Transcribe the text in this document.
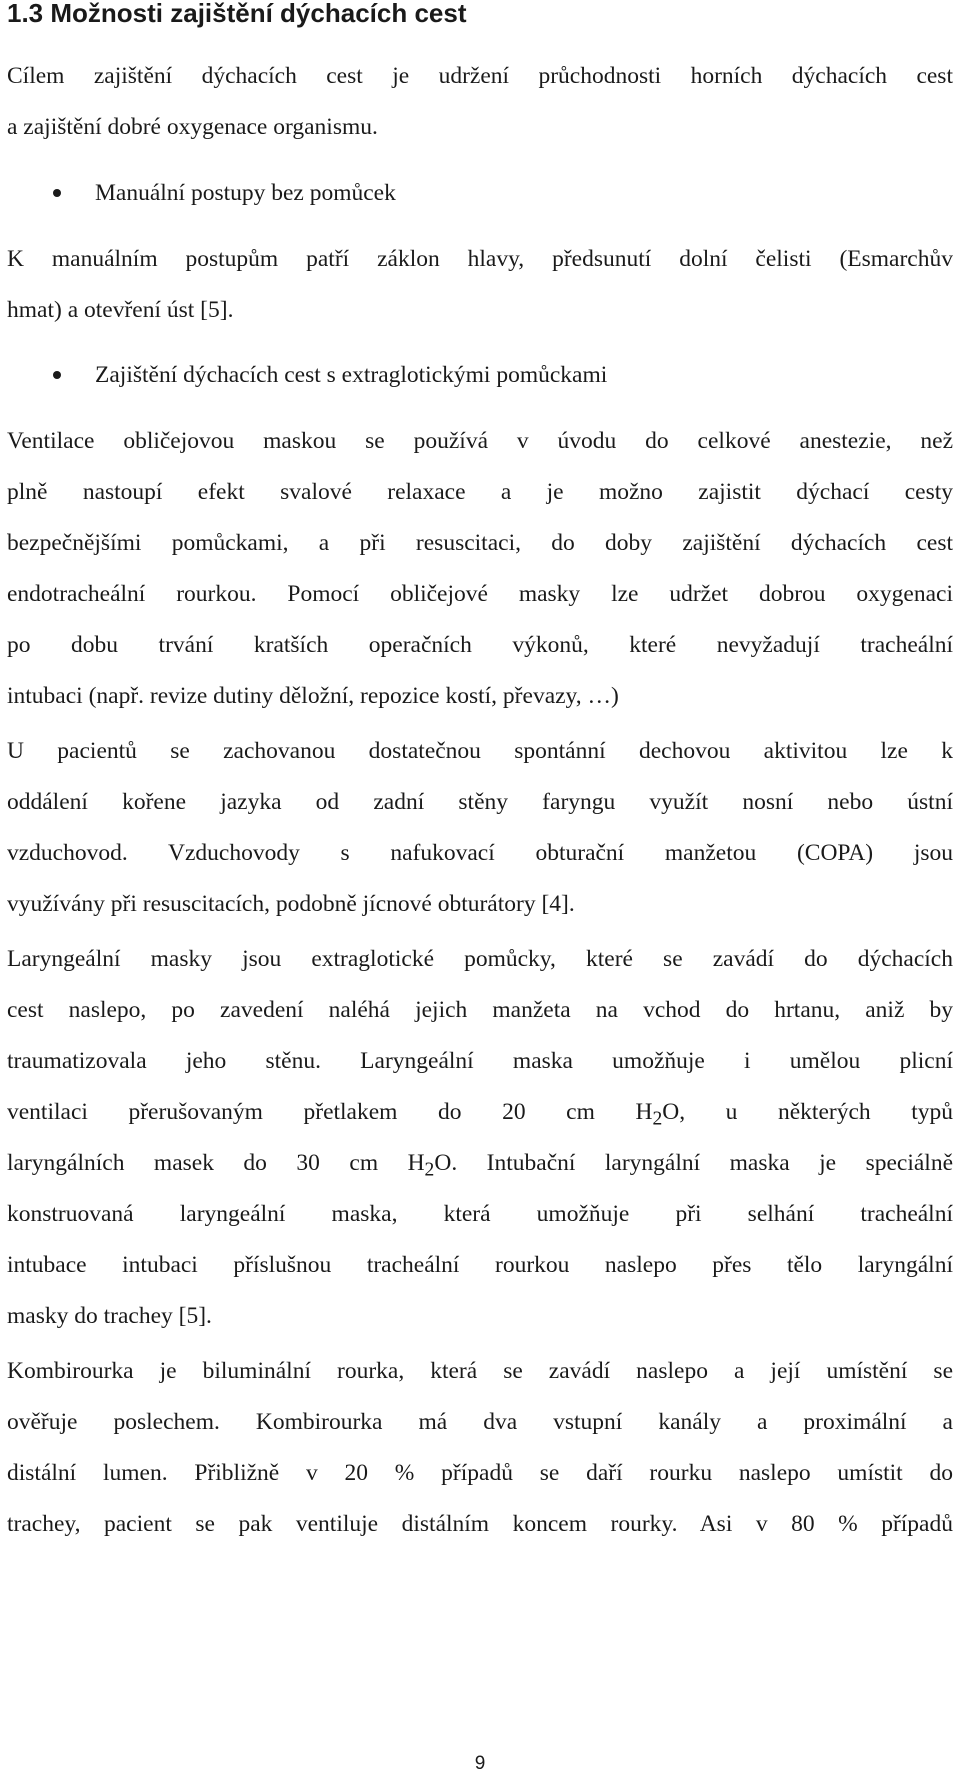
1.3 Možnosti zajištění dýchacích cest
Cílem zajištění dýchacích cest je udržení průchodnosti horních dýchacích cest
a zajištění dobré oxygenace organismu.
Manuální postupy bez pomůcek
K manuálním postupům patří záklon hlavy, předsunutí dolní čelisti (Esmarchův
hmat) a otevření úst [5].
Zajištění dýchacích cest s extraglotickými pomůckami
Ventilace obličejovou maskou se používá v úvodu do celkové anestezie, než
plně nastoupí efekt svalové relaxace a je možno zajistit dýchací cesty
bezpečnějšími pomůckami, a při resuscitaci, do doby zajištění dýchacích cest
endotracheální rourkou. Pomocí obličejové masky lze udržet dobrou oxygenaci
po dobu trvání kratších operačních výkonů, které nevyžadují tracheální
intubaci (např. revize dutiny děložní, repozice kostí, převazy, …)
U pacientů se zachovanou dostatečnou spontánní dechovou aktivitou lze k
oddálení kořene jazyka od zadní stěny faryngu využít nosní nebo ústní
vzduchovod. Vzduchovody s nafukovací obturační manžetou (COPA) jsou
využívány při resuscitacích, podobně jícnové obturátory [4].
Laryngeální masky jsou extraglotické pomůcky, které se zavádí do dýchacích
cest naslepo, po zavedení naléhá jejich manžeta na vchod do hrtanu, aniž by
traumatizovala jeho stěnu. Laryngeální maska umožňuje i umělou plicní
ventilaci přerušovaným přetlakem do 20 cm $H_2O$, u některých typů
laryngálních masek do 30 cm $H_2O$. Intubační laryngální maska je speciálně
konstruovaná laryngeální maska, která umožňuje při selhání tracheální
intubace intubaci příslušnou tracheální rourkou naslepo přes tělo laryngální
masky do trachey [5].
Kombirourka je biluminální rourka, která se zavádí naslepo a její umístění se
ověřuje poslechem. Kombirourka má dva vstupní kanály a proximální a
distální lumen. Přibližně v 20 % případů se daří rourku naslepo umístit do
trachey, pacient se pak ventiluje distálním koncem rourky. Asi v 80 % případů
9
